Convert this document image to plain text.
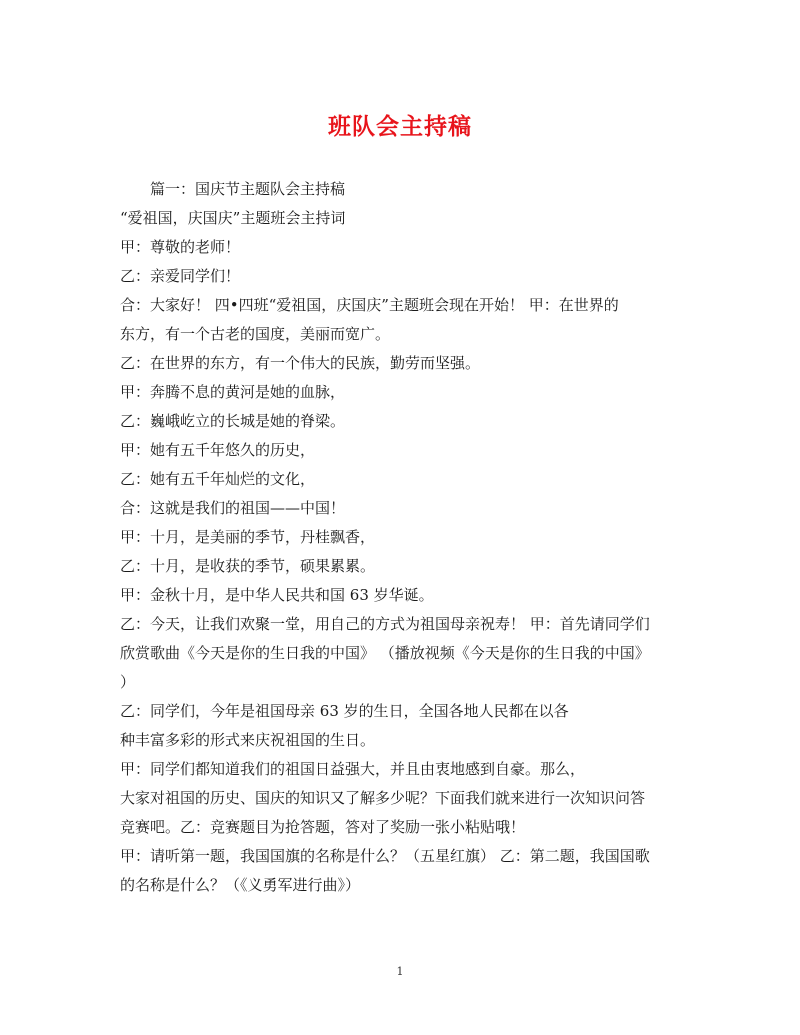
班队会主持稿
篇一：国庆节主题队会主持稿
“爱祖国，庆国庆”主题班会主持词
甲：尊敬的老师！
乙：亲爱同学们！
合：大家好！ 四•四班“爱祖国，庆国庆”主题班会现在开始！ 甲：在世界的
东方，有一个古老的国度，美丽而宽广。
乙：在世界的东方，有一个伟大的民族，勤劳而坚强。
甲：奔腾不息的黄河是她的血脉，
乙：巍峨屹立的长城是她的脊梁。
甲：她有五千年悠久的历史，
乙：她有五千年灿烂的文化，
合：这就是我们的祖国——中国！
甲：十月，是美丽的季节，丹桂飘香，
乙：十月，是收获的季节，硕果累累。
甲：金秋十月，是中华人民共和国 63 岁华诞。
乙：今天，让我们欢聚一堂，用自己的方式为祖国母亲祝寿！ 甲：首先请同学们
欣赏歌曲《今天是你的生日我的中国》 （播放视频《今天是你的生日我的中国》
）
乙：同学们，今年是祖国母亲 63 岁的生日，全国各地人民都在以各
种丰富多彩的形式来庆祝祖国的生日。
甲：同学们都知道我们的祖国日益强大，并且由衷地感到自豪。那么，
大家对祖国的历史、国庆的知识又了解多少呢？下面我们就来进行一次知识问答
竞赛吧。乙：竞赛题目为抢答题，答对了奖励一张小粘贴哦！
甲：请听第一题，我国国旗的名称是什么？（五星红旗） 乙：第二题，我国国歌
的名称是什么？（《义勇军进行曲》）
1
